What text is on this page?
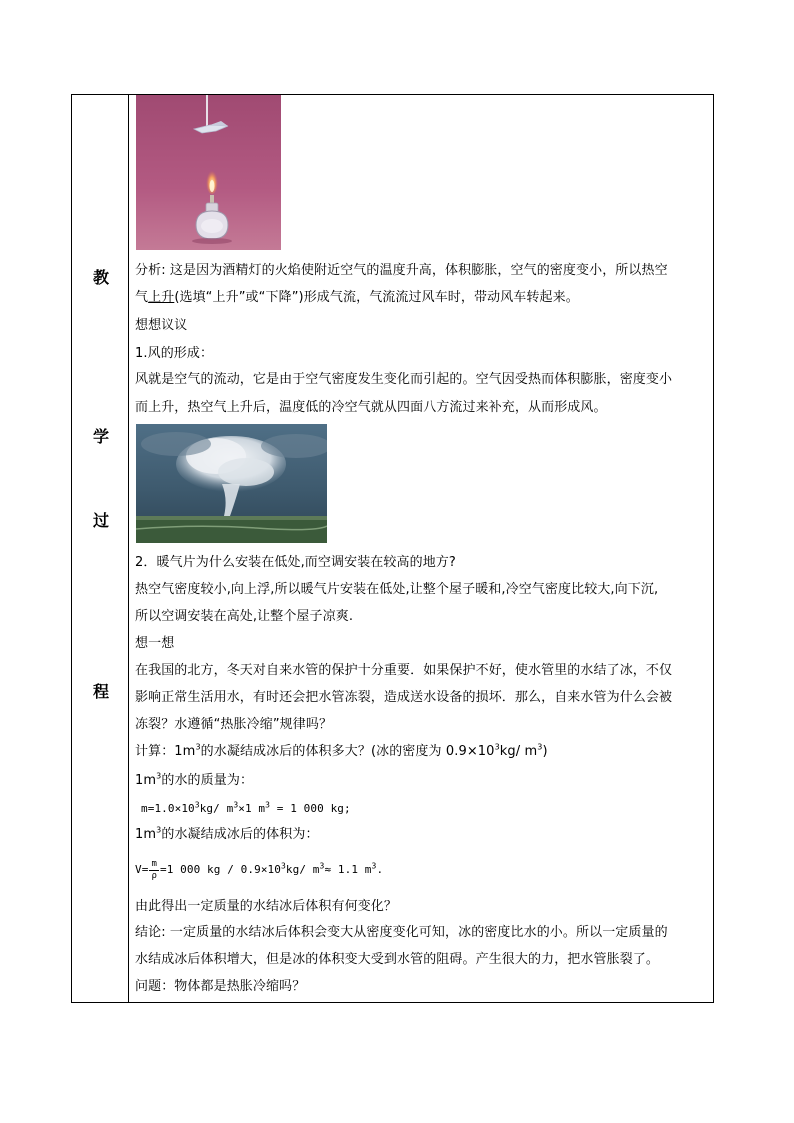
教
学
过
程
分析: 这是因为酒精灯的火焰使附近空气的温度升高，体积膨胀，空气的密度变小，所以热空
气上升(选填“上升”或“下降”)形成气流，气流流过风车时，带动风车转起来。
想想议议
1.风的形成：
风就是空气的流动，它是由于空气密度发生变化而引起的。空气因受热而体积膨胀，密度变小
而上升，热空气上升后，温度低的冷空气就从四面八方流过来补充，从而形成风。
2．暖气片为什么安装在低处,而空调安装在较高的地方?
热空气密度较小,向上浮,所以暖气片安装在低处,让整个屋子暖和,冷空气密度比较大,向下沉,
所以空调安装在高处,让整个屋子凉爽.
想一想
在我国的北方，冬天对自来水管的保护十分重要．如果保护不好，使水管里的水结了冰，不仅
影响正常生活用水，有时还会把水管冻裂，造成送水设备的损坏．那么，自来水管为什么会被
冻裂？水遵循“热胀冷缩”规律吗？
计算：$1m^3$的水凝结成冰后的体积多大？(冰的密度为 $0.9\times 10^3kg/$ $m^3$)
$1m^3$的水的质量为：
$m=1.0\times 10^3kg/$ $m^3\times 1$ $m^3 = 1$ 000 kg;
$1m^3$的水凝结成冰后的体积为：
$V= \frac{m}{\rho} =1$ 000 kg / $0.9\times 10^3kg/$ $m^3\approx 1.1$ $m^3$.
由此得出一定质量的水结冰后体积有何变化？
结论: 一定质量的水结冰后体积会变大从密度变化可知，冰的密度比水的小。所以一定质量的
水结成冰后体积增大，但是冰的体积变大受到水管的阻碍。产生很大的力，把水管胀裂了。
问题：物体都是热胀冷缩吗？
